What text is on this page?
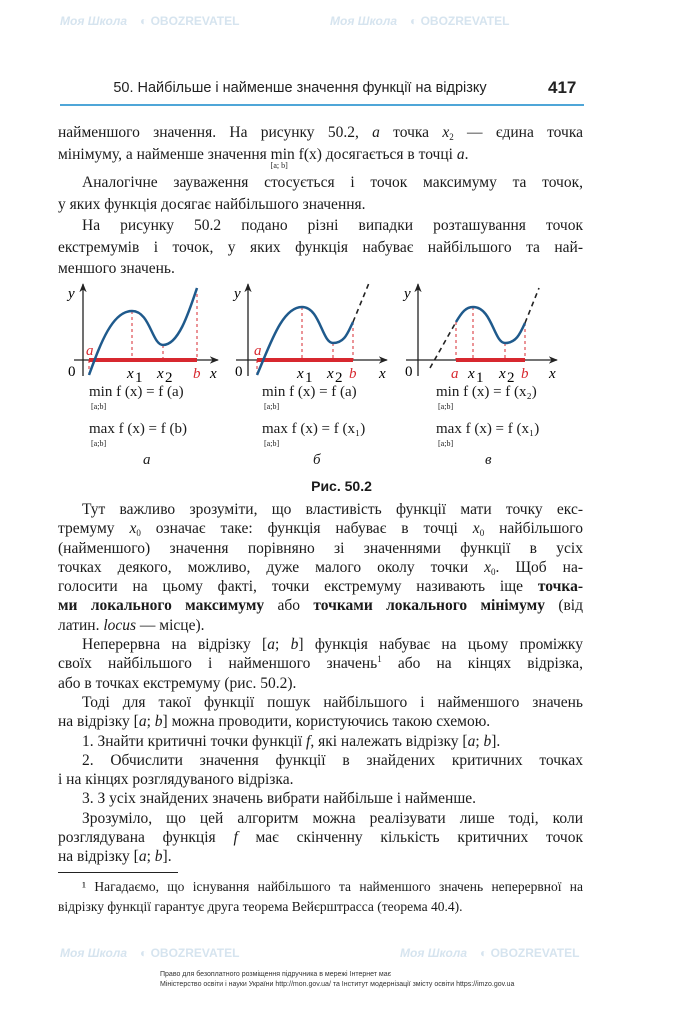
Моя Школа ◐ OBOZREVATEL	Моя Школа ◐ OBOZREVATEL
Моя Школа ◐ OBOZREVATEL	Моя Школа ◐ OBOZREVATEL
50. Найбільше і найменше значення функції на відрізку	417
найменшого значення. На рисунку 50.2, a точка $x_2$ — єдина точка
мінімуму, а найменше значення min f(x)
[a; b]
досягається в точці a.
Аналогічне зауваження стосується і точок максимуму та точок,
у яких функція досягає найбільшого значення.
На рисунку 50.2 подано різні випадки розташування точок
екстремумів і точок, у яких функція набуває найбільшого та най-
меншого значень.
Тут важливо зрозуміти, що властивість функції мати точку екс-
тремуму $x_0$ означає таке: функція набуває в точці $x_0$ найбільшого
(найменшого) значення порівняно зі значеннями функції в усіх
точках деякого, можливо, дуже малого околу точки $x_0$. Щоб на-
голосити на цьому факті, точки екстремуму називають іще точка-
ми локального максимуму або точками локального мінімуму (від
латин. locus — місце).
Неперервна на відрізку [a; b] функція набуває на цьому проміжку
своїх найбільшого і найменшого значень$^1$ або на кінцях відрізка,
або в точках екстремуму (рис. 50.2).
Тоді для такої функції пошук найбільшого і найменшого значень
на відрізку [a; b] можна проводити, користуючись такою схемою.
1. Знайти критичні точки функції f, які належать відрізку [a; b].
2. Обчислити значення функції в знайдених критичних точках
і на кінцях розглядуваного відрізка.
3. З усіх знайдених значень вибрати найбільше і найменше.
Зрозуміло, що цей алгоритм можна реалізувати лише тоді, коли
розглядувана функція f має скінченну кількість критичних точок
на відрізку [a; b].
y
0
a
x 1 x 2 b x
y
0
a
x 1 x 2 b x
y
0	a x 1 x 2 b x
min f (x) = f (a)
[a;b]
max f (x) = f (b)
[a;b]
min f (x) = f (a)
[a;b]
max f (x) = f (x₁)
[a;b]
min f (x) = f (x₂)
[a;b]
max f (x) = f (x₁)
[a;b]
а	б	в
Рис. 50.2
¹ Нагадаємо, що існування найбільшого та найменшого значень неперервної на відрізку функції гарантує друга теорема Вейєрштрасса (теорема 40.4).
Право для безоплатного розміщення підручника в мережі Інтернет має
Міністерство освіти і науки України http://mon.gov.ua/ та Інститут модернізації змісту освіти https://imzo.gov.ua
